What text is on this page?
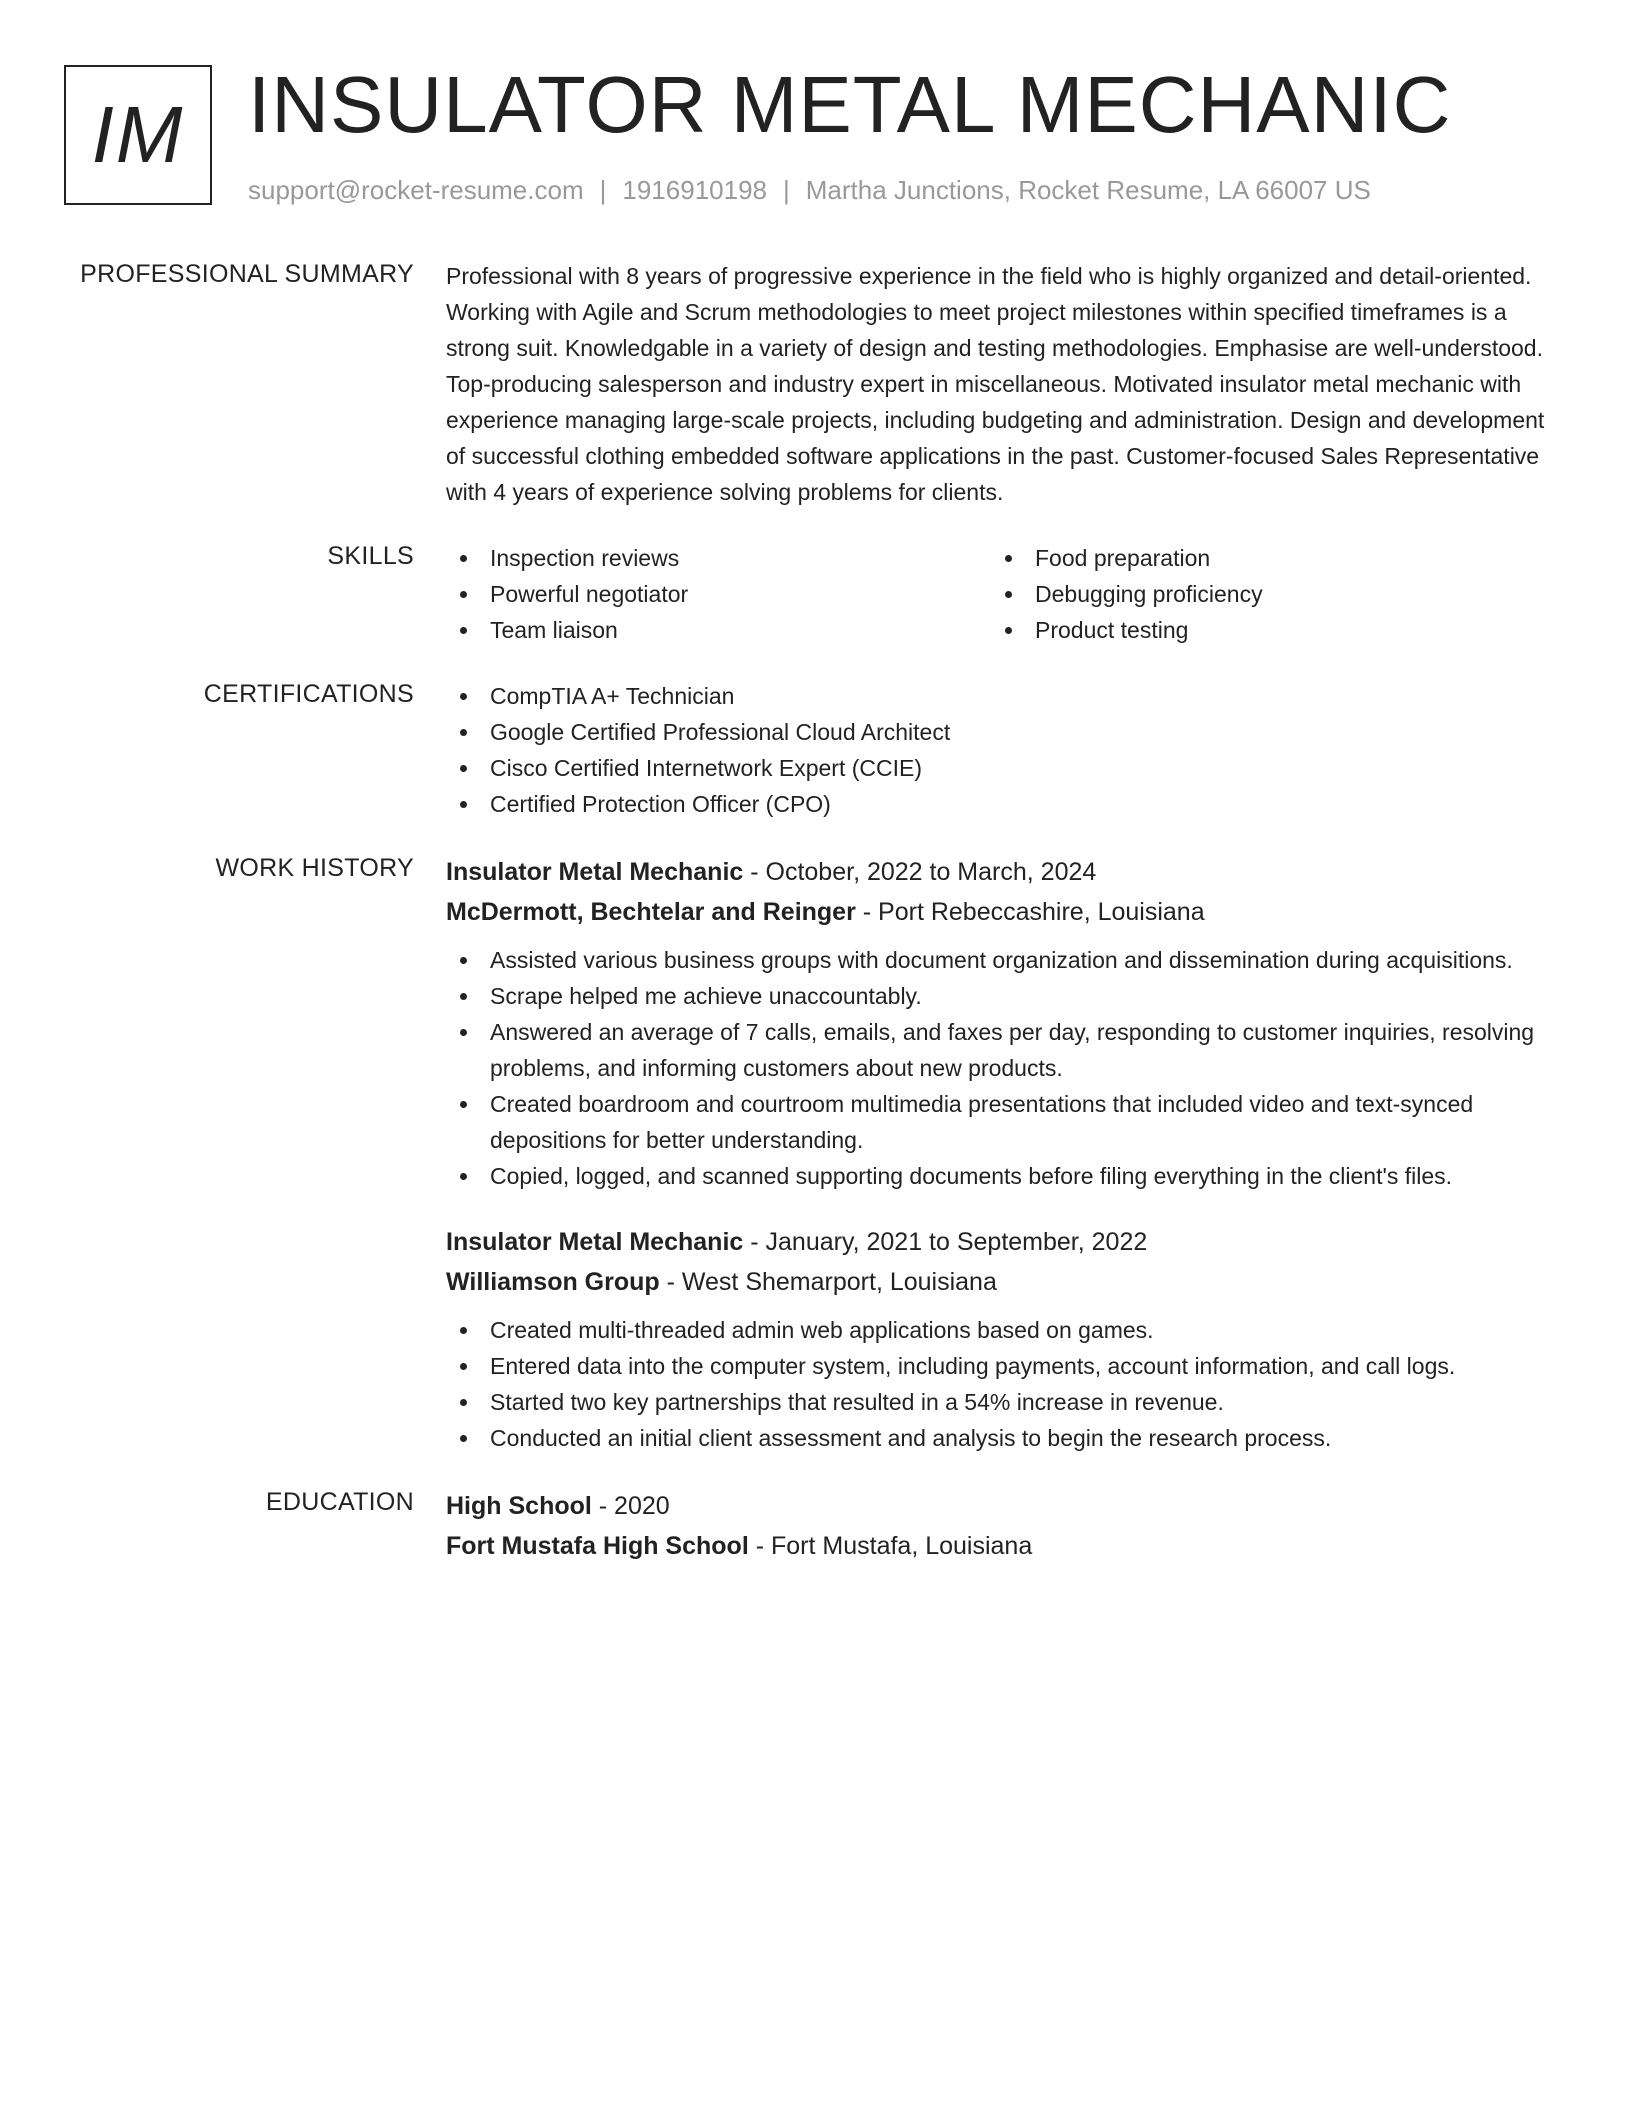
IM INSULATOR METAL MECHANIC
support@rocket-resume.com | 1916910198 | Martha Junctions, Rocket Resume, LA 66007 US
PROFESSIONAL SUMMARY Professional with 8 years of progressive experience in the field who is highly organized and detail-oriented. Working with Agile and Scrum methodologies to meet project milestones within specified timeframes is a strong suit. Knowledgable in a variety of design and testing methodologies. Emphasise are well-understood. Top-producing salesperson and industry expert in miscellaneous. Motivated insulator metal mechanic with experience managing large-scale projects, including budgeting and administration. Design and development of successful clothing embedded software applications in the past. Customer-focused Sales Representative with 4 years of experience solving problems for clients.

SKILLS	Inspection reviews	Food preparation
Powerful negotiator	Debugging proficiency
Team liaison	Product testing
CERTIFICATIONS	CompTIA A+ Technician
Google Certified Professional Cloud Architect
Cisco Certified Internetwork Expert (CCIE)
Certified Protection Officer (CPO)
WORK HISTORY Insulator Metal Mechanic - October, 2022 to March, 2024
McDermott, Bechtelar and Reinger - Port Rebeccashire, Louisiana
Assisted various business groups with document organization and dissemination during acquisitions.
Scrape helped me achieve unaccountably.
Answered an average of 7 calls, emails, and faxes per day, responding to customer inquiries, resolving problems, and informing customers about new products.
Created boardroom and courtroom multimedia presentations that included video and text-synced depositions for better understanding.
Copied, logged, and scanned supporting documents before filing everything in the client's files.
Insulator Metal Mechanic - January, 2021 to September, 2022
Williamson Group - West Shemarport, Louisiana
Created multi-threaded admin web applications based on games.
Entered data into the computer system, including payments, account information, and call logs.
Started two key partnerships that resulted in a 54% increase in revenue.
Conducted an initial client assessment and analysis to begin the research process.
EDUCATION High School - 2020
Fort Mustafa High School - Fort Mustafa, Louisiana
